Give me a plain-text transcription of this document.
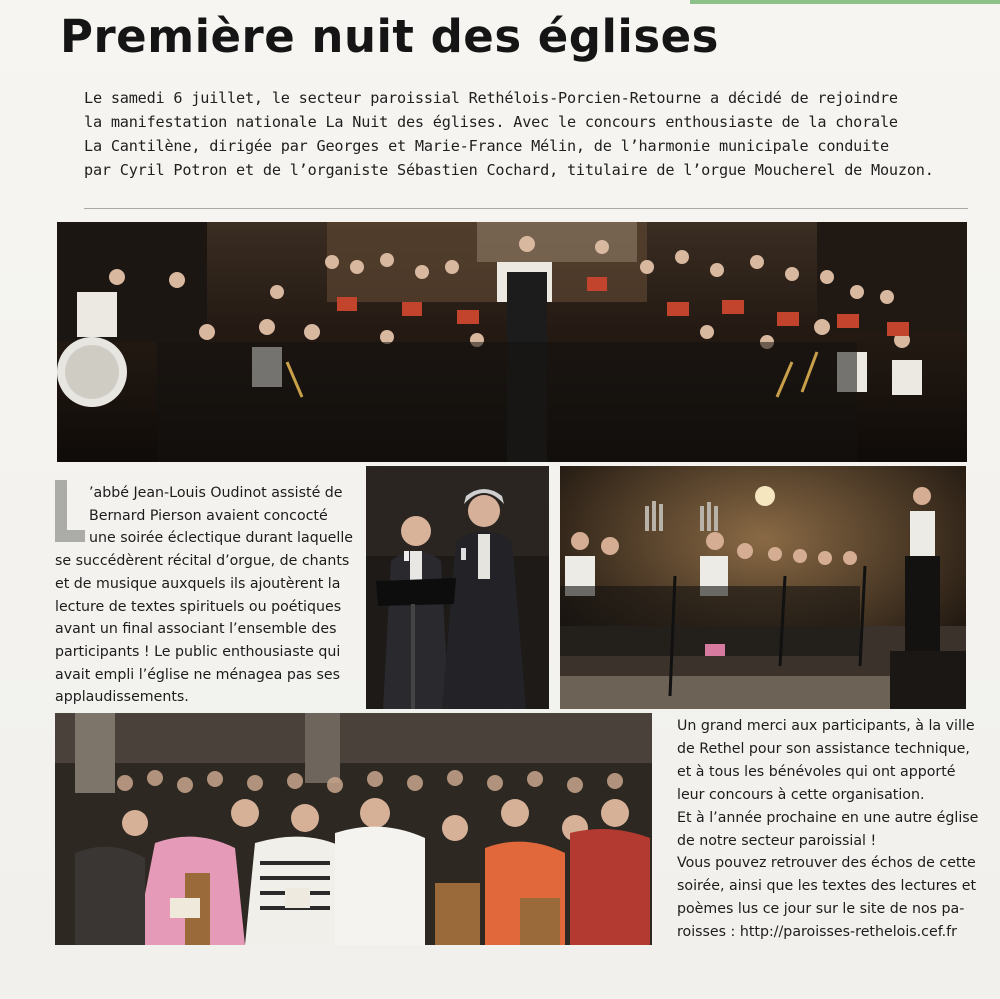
Première nuit des églises
Le samedi 6 juillet, le secteur paroissial Rethélois-Porcien-Retourne a décidé de rejoindre
la manifestation nationale La Nuit des églises. Avec le concours enthousiaste de la chorale
La Cantilène, dirigée par Georges et Marie-France Mélin, de l’harmonie municipale conduite
par Cyril Potron et de l’organiste Sébastien Cochard, titulaire de l’orgue Moucherel de Mouzon.
’abbé Jean-Louis Oudinot assisté de
Bernard Pierson avaient concocté
une soirée éclectique durant laquelle
se succédèrent récital d’orgue, de chants
et de musique auxquels ils ajoutèrent la
lecture de textes spirituels ou poétiques
avant un final associant l’ensemble des
participants ! Le public enthousiaste qui
avait empli l’église ne ménagea pas ses
applaudissements.
Un grand merci aux participants, à la ville
de Rethel pour son assistance technique,
et à tous les bénévoles qui ont apporté
leur concours à cette organisation.
Et à l’année prochaine en une autre église
de notre secteur paroissial !
Vous pouvez retrouver des échos de cette
soirée, ainsi que les textes des lectures et
poèmes lus ce jour sur le site de nos pa-
roisses : http://paroisses-rethelois.cef.fr
